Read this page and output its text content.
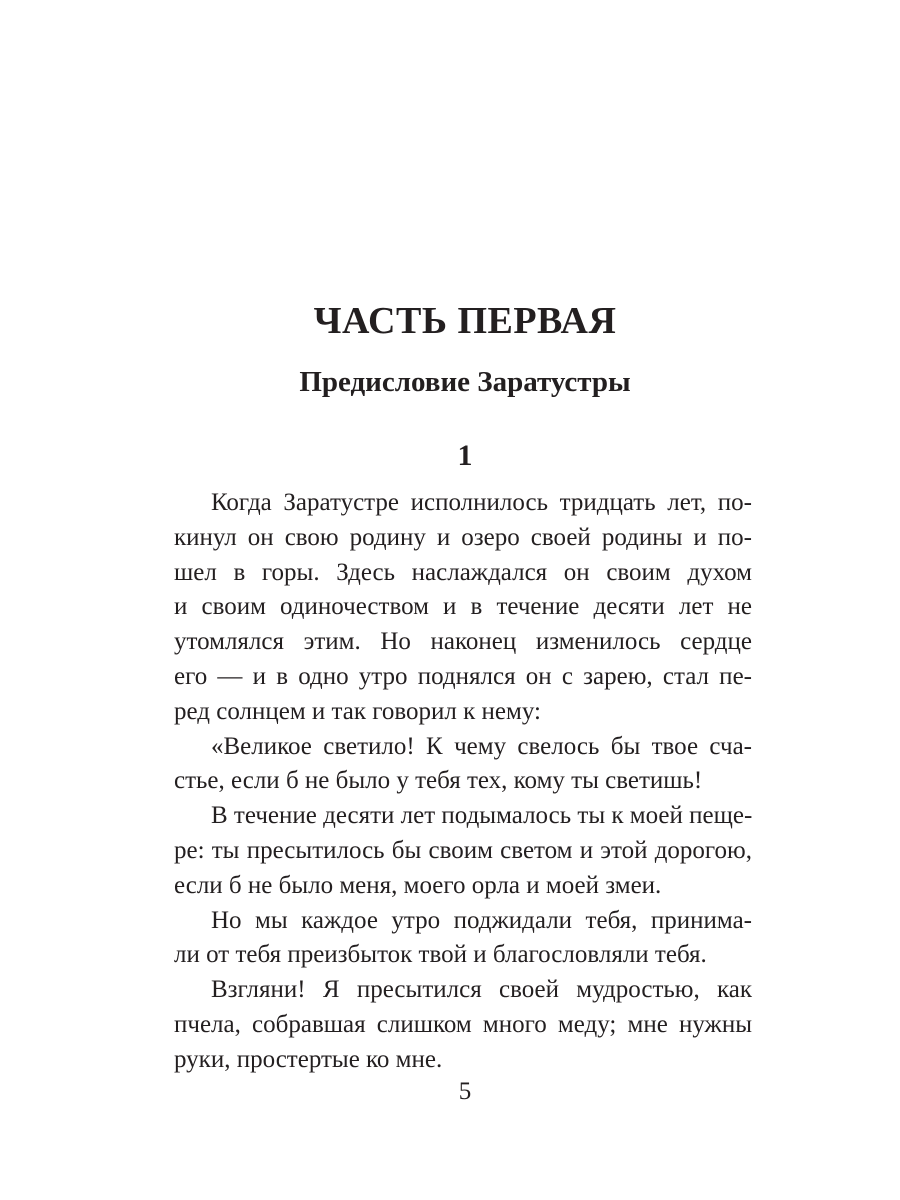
ЧАСТЬ ПЕРВАЯ
Предисловие Заратустры
1
Когда Заратустре исполнилось тридцать лет, по-
кинул он свою родину и озеро своей родины и по-
шел в горы. Здесь наслаждался он своим духом
и своим одиночеством и в течение десяти лет не
утомлялся этим. Но наконец изменилось сердце
его — и в одно утро поднялся он с зарею, стал пе-
ред солнцем и так говорил к нему:
«Великое светило! К чему свелось бы твое сча-
стье, если б не было у тебя тех, кому ты светишь!
В течение десяти лет подымалось ты к моей пеще-
ре: ты пресытилось бы своим светом и этой дорогою,
если б не было меня, моего орла и моей змеи.
Но мы каждое утро поджидали тебя, принима-
ли от тебя преизбыток твой и благословляли тебя.
Взгляни! Я пресытился своей мудростью, как
пчела, собравшая слишком много меду; мне нужны
руки, простертые ко мне.
5
